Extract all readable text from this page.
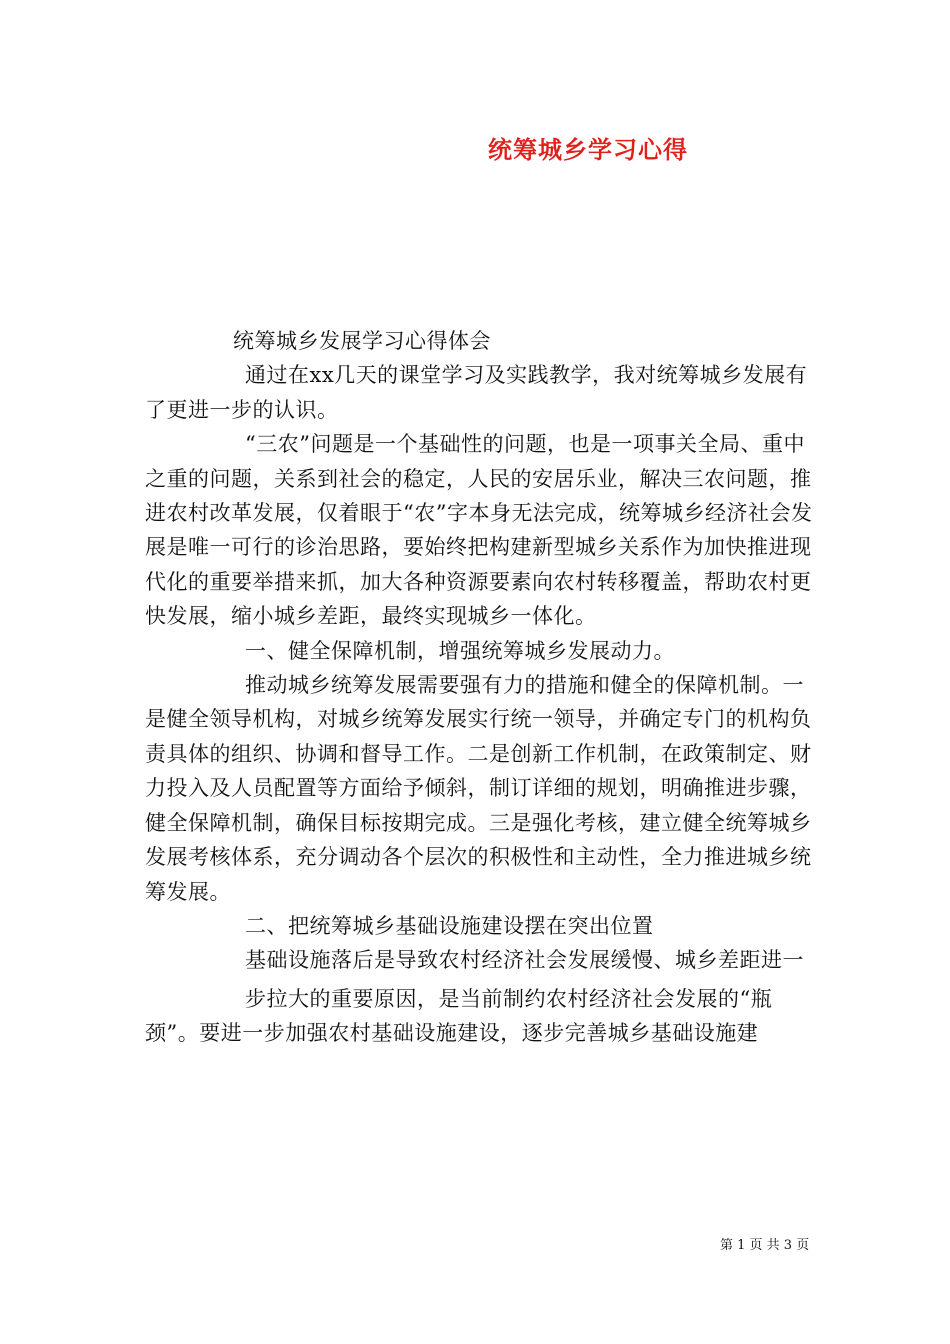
统筹城乡学习心得

统筹城乡发展学习心得体会

通过在xx几天的课堂学习及实践教学，我对统筹城乡发展有了更进一步的认识。

“三农”问题是一个基础性的问题，也是一项事关全局、重中之重的问题，关系到社会的稳定，人民的安居乐业，解决三农问题，推进农村改革发展，仅着眼于“农”字本身无法完成，统筹城乡经济社会发展是唯一可行的诊治思路，要始终把构建新型城乡关系作为加快推进现代化的重要举措来抓，加大各种资源要素向农村转移覆盖，帮助农村更快发展，缩小城乡差距，最终实现城乡一体化。

一、健全保障机制，增强统筹城乡发展动力。

推动城乡统筹发展需要强有力的措施和健全的保障机制。一是健全领导机构，对城乡统筹发展实行统一领导，并确定专门的机构负责具体的组织、协调和督导工作。二是创新工作机制，在政策制定、财力投入及人员配置等方面给予倾斜，制订详细的规划，明确推进步骤，健全保障机制，确保目标按期完成。三是强化考核，建立健全统筹城乡发展考核体系，充分调动各个层次的积极性和主动性，全力推进城乡统筹发展。

二、把统筹城乡基础设施建设摆在突出位置

基础设施落后是导致农村经济社会发展缓慢、城乡差距进一

步拉大的重要原因，是当前制约农村经济社会发展的“瓶颈”。要进一步加强农村基础设施建设，逐步完善城乡基础设施建

第 1 页 共 3 页
